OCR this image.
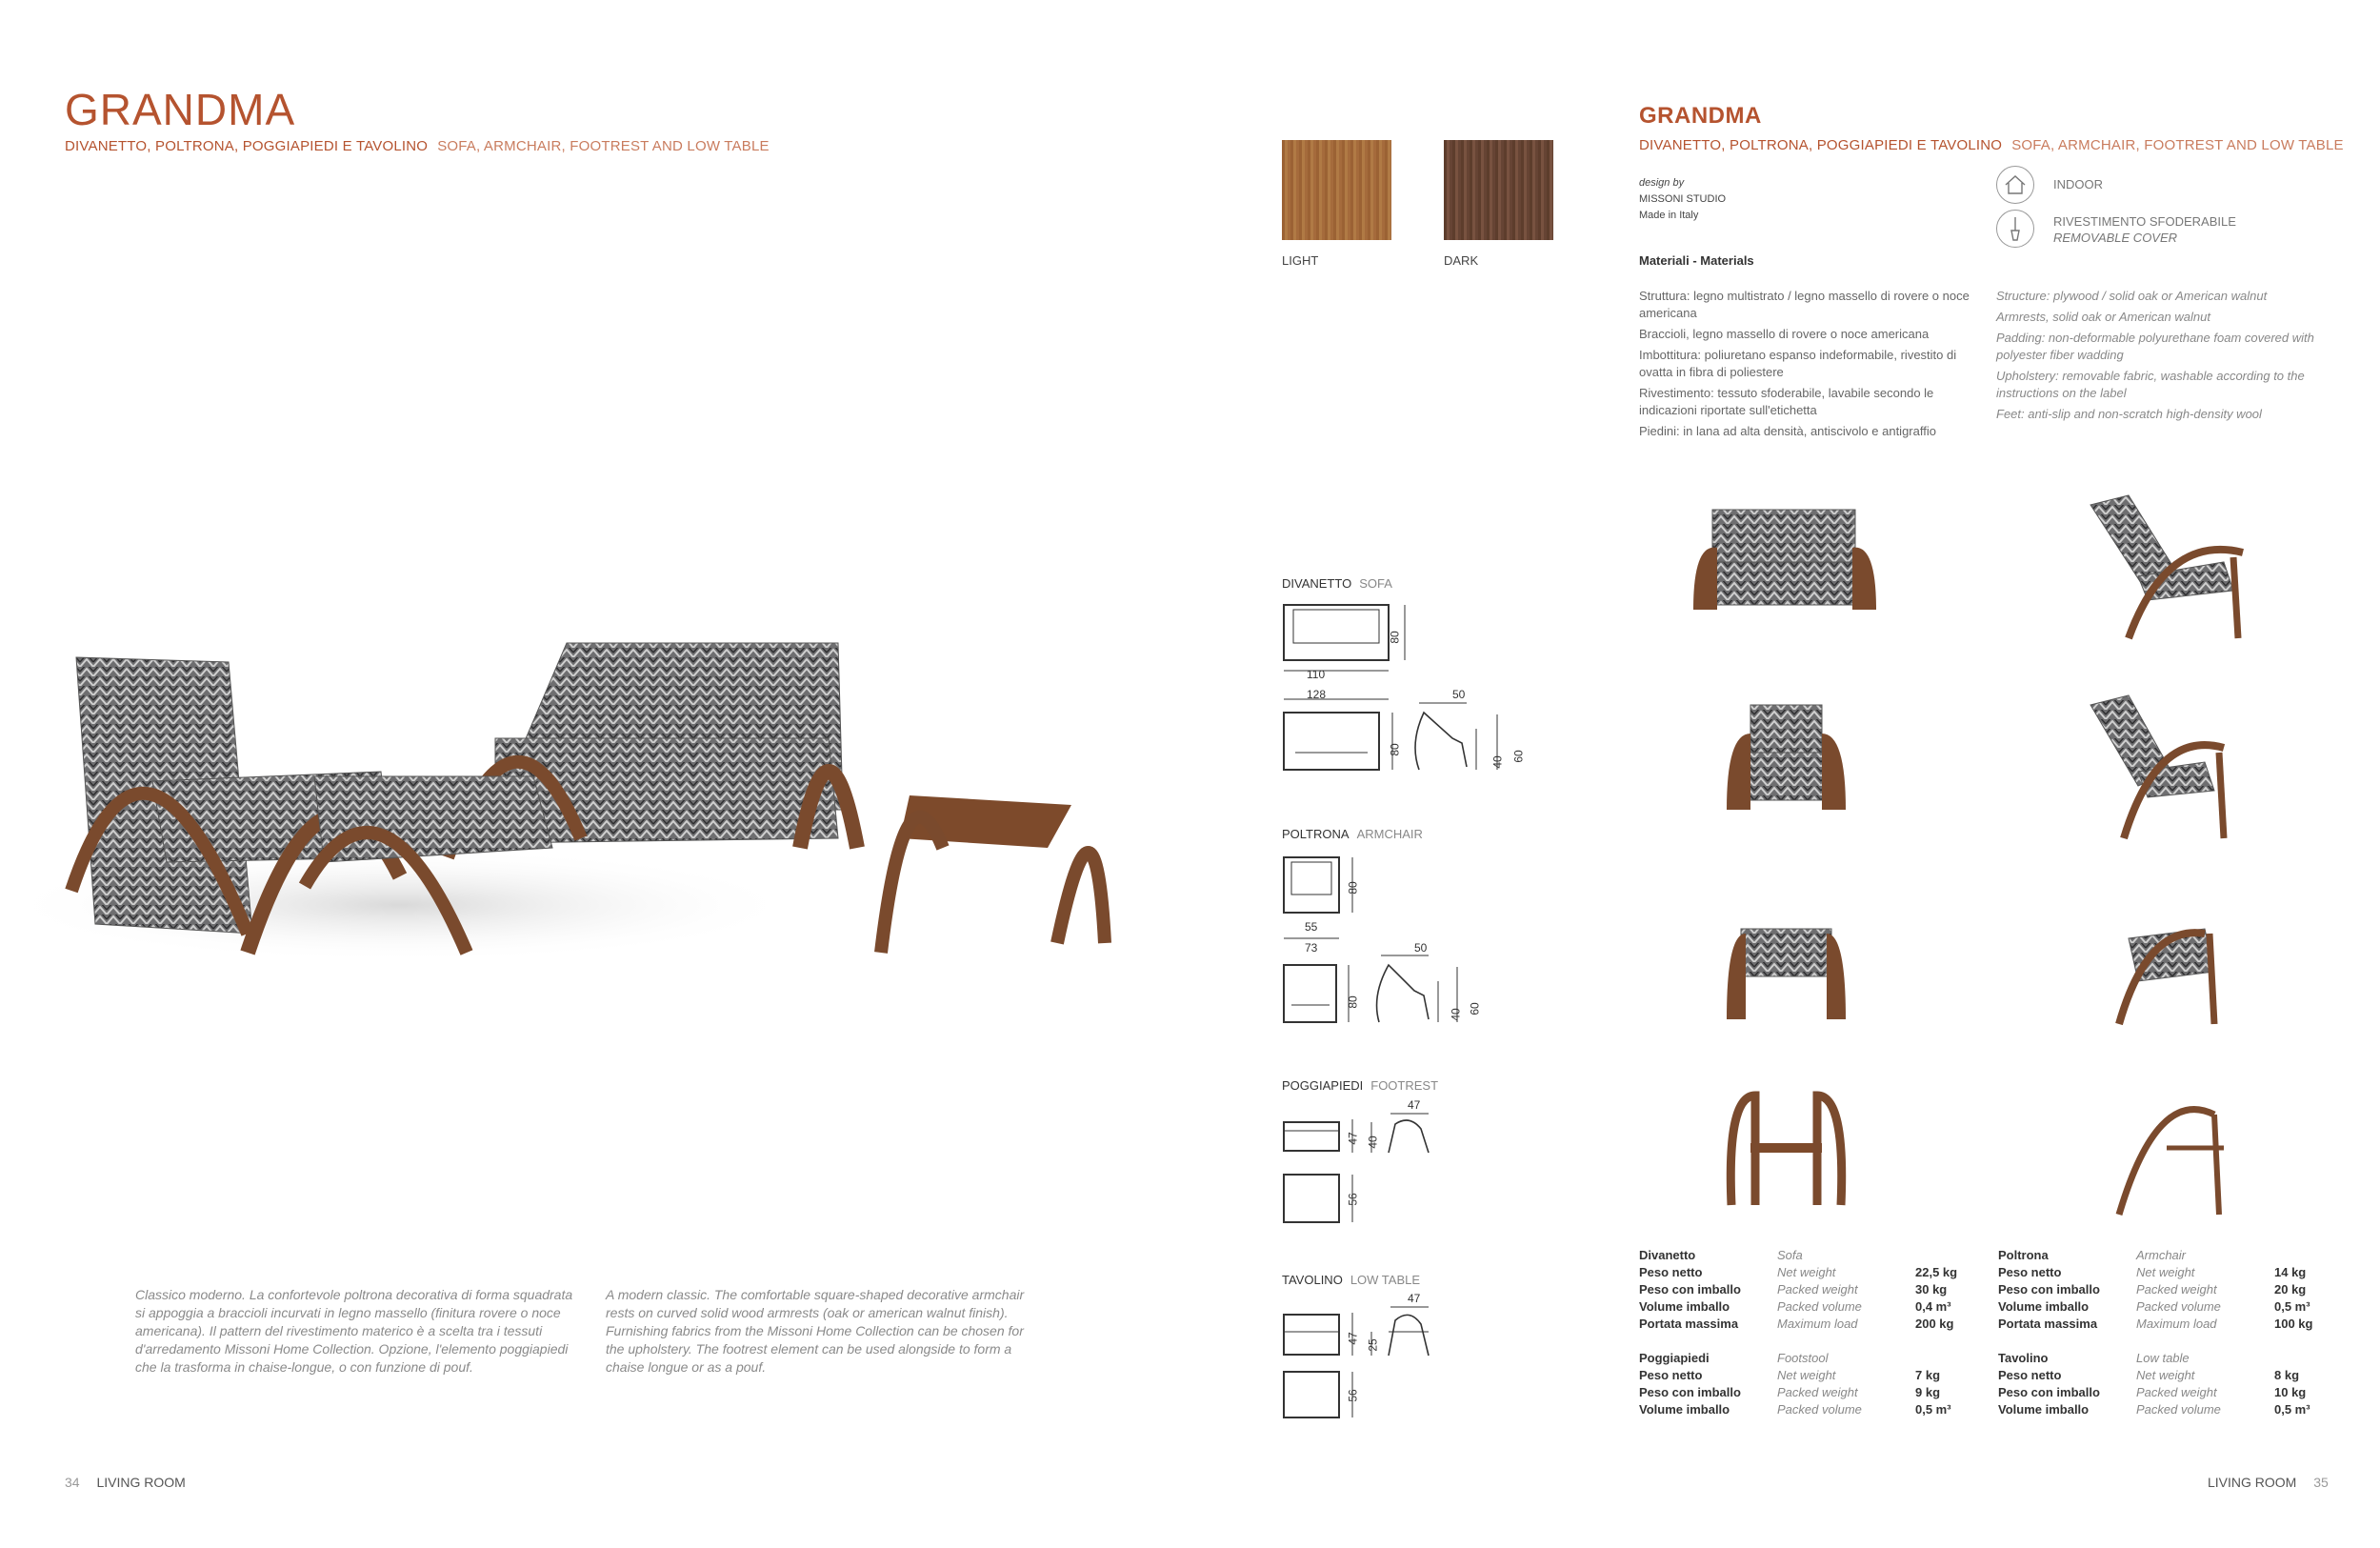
GRANDMA
DIVANETTO, POLTRONA, POGGIAPIEDI E TAVOLINO SOFA, ARMCHAIR, FOOTREST AND LOW TABLE
Classico moderno. La confortevole poltrona decorativa di forma squadrata si appoggia a braccioli incurvati in legno massello (finitura rovere o noce americana). Il pattern del rivestimento materico è a scelta tra i tessuti d'arredamento Missoni Home Collection. Opzione, l'elemento poggiapiedi che la trasforma in chaise-longue, o con funzione di pouf.
A modern classic. The comfortable square-shaped decorative armchair rests on curved solid wood armrests (oak or american walnut finish). Furnishing fabrics from the Missoni Home Collection can be chosen for the upholstery. The footrest element can be used alongside to form a chaise longue or as a pouf.
34 LIVING ROOM
LIGHT	DARK
DIVANETTO SOFA
110
128	50
80
80
40 60
POLTRONA ARMCHAIR
55
73	50
80
80
40 60
POGGIAPIEDI FOOTREST
47
47 40
56
TAVOLINO LOW TABLE
47
47
25
56
GRANDMA
DIVANETTO, POLTRONA, POGGIAPIEDI E TAVOLINO SOFA, ARMCHAIR, FOOTREST AND LOW TABLE
design by
MISSONI STUDIO
Made in Italy
INDOOR
RIVESTIMENTO SFODERABILE
REMOVABLE COVER
Materiali - Materials
Struttura: legno multistrato / legno massello di rovere o noce americana
Braccioli, legno massello di rovere o noce americana
Imbottitura: poliuretano espanso indeformabile, rivestito di ovatta in fibra di poliestere
Rivestimento: tessuto sfoderabile, lavabile secondo le indicazioni riportate sull'etichetta
Piedini: in lana ad alta densità, antiscivolo e antigraffio
Structure: plywood / solid oak or American walnut
Armrests, solid oak or American walnut
Padding: non-deformable polyurethane foam covered with polyester fiber wadding
Upholstery: removable fabric, washable according to the instructions on the label
Feet: anti-slip and non-scratch high-density wool
Divanetto	Sofa	
Peso netto	Net weight	22,5 kg
Peso con imballo	Packed weight	30 kg
Volume imballo	Packed volume	0,4 m³
Portata massima	Maximum load	200 kg
Poltrona	Armchair	
Peso netto	Net weight	14 kg
Peso con imballo	Packed weight	20 kg
Volume imballo	Packed volume	0,5 m³
Portata massima	Maximum load	100 kg
Poggiapiedi	Footstool	
Peso netto	Net weight	7 kg
Peso con imballo	Packed weight	9 kg
Volume imballo	Packed volume	0,5 m³
Tavolino	Low table	
Peso netto	Net weight	8 kg
Peso con imballo	Packed weight	10 kg
Volume imballo	Packed volume	0,5 m³
LIVING ROOM 35
